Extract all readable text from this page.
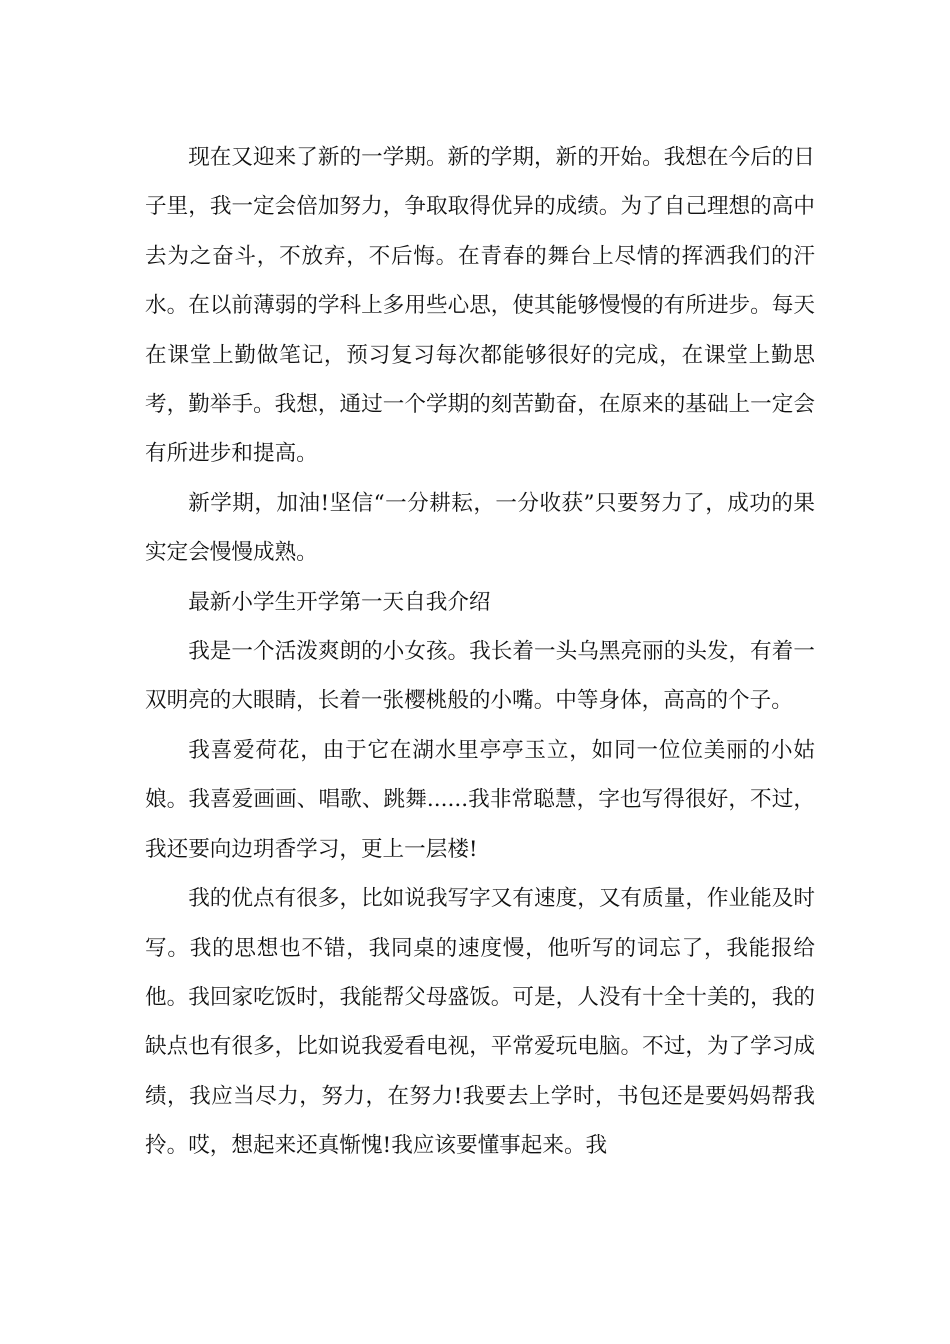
现在又迎来了新的一学期。新的学期，新的开始。我想在今后的日子里，我一定会倍加努力，争取取得优异的成绩。为了自己理想的高中去为之奋斗，不放弃，不后悔。在青春的舞台上尽情的挥洒我们的汗水。在以前薄弱的学科上多用些心思，使其能够慢慢的有所进步。每天在课堂上勤做笔记，预习复习每次都能够很好的完成，在课堂上勤思考，勤举手。我想，通过一个学期的刻苦勤奋，在原来的基础上一定会有所进步和提高。

新学期，加油!坚信“一分耕耘，一分收获”只要努力了，成功的果实定会慢慢成熟。

最新小学生开学第一天自我介绍

我是一个活泼爽朗的小女孩。我长着一头乌黑亮丽的头发，有着一双明亮的大眼睛，长着一张樱桃般的小嘴。中等身体，高高的个子。

我喜爱荷花，由于它在湖水里亭亭玉立，如同一位位美丽的小姑娘。我喜爱画画、唱歌、跳舞......我非常聪慧，字也写得很好，不过，我还要向边玥香学习，更上一层楼!

我的优点有很多，比如说我写字又有速度，又有质量，作业能及时写。我的思想也不错，我同桌的速度慢，他听写的词忘了，我能报给他。我回家吃饭时，我能帮父母盛饭。可是，人没有十全十美的，我的缺点也有很多，比如说我爱看电视，平常爱玩电脑。不过，为了学习成绩，我应当尽力，努力，在努力!我要去上学时，书包还是要妈妈帮我拎。哎，想起来还真惭愧!我应该要懂事起来。我
